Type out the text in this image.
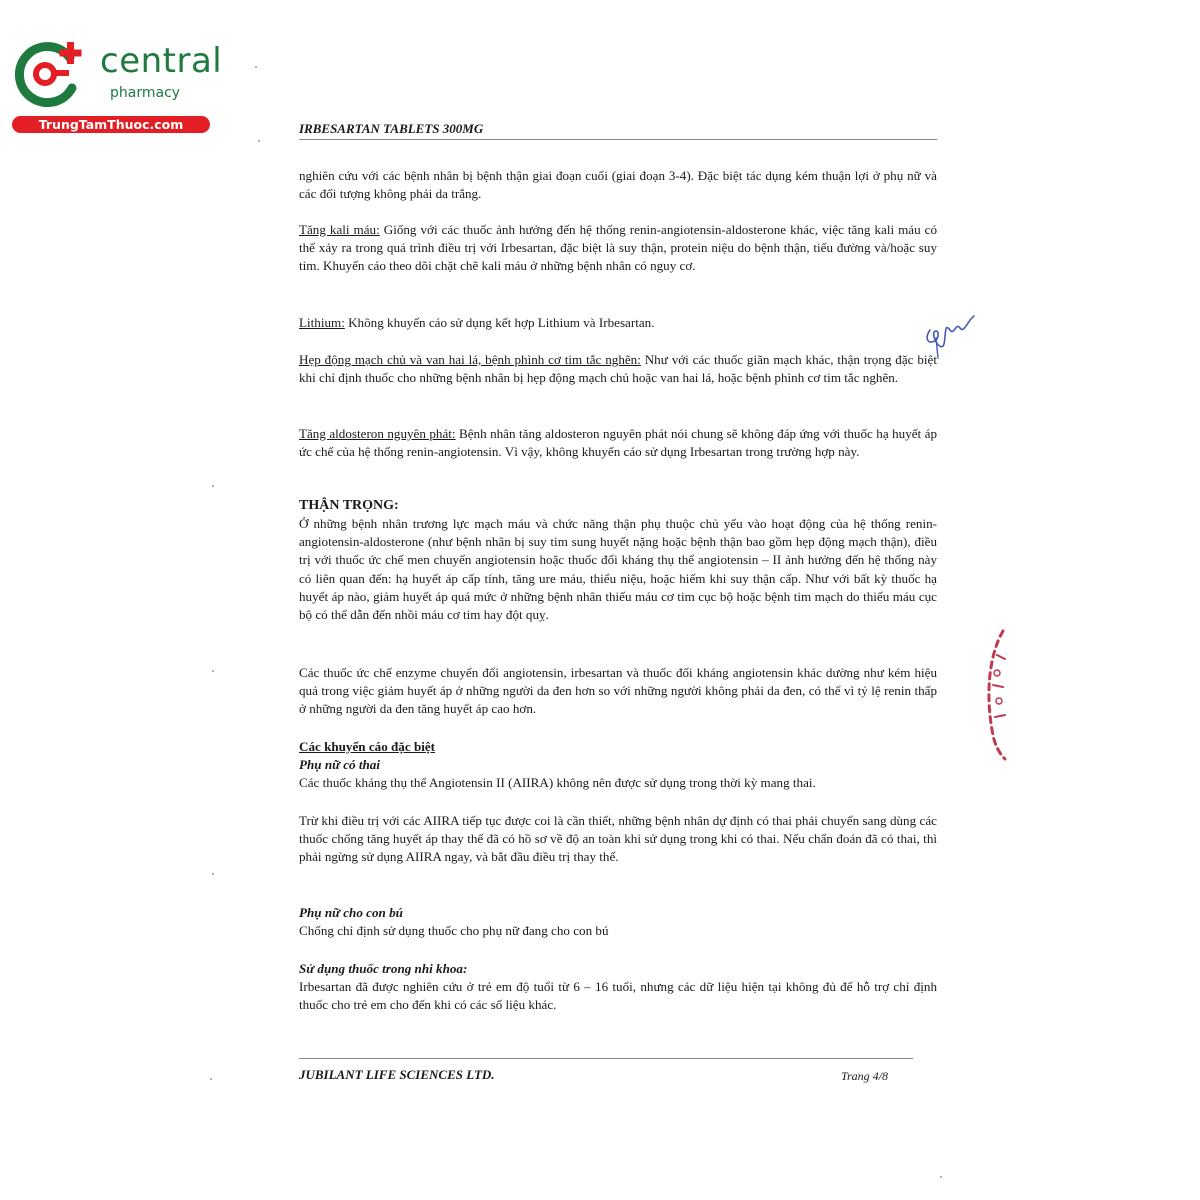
central
pharmacy
TrungTamThuoc.com	IRBESARTAN TABLETS 300MG

nghiên cứu với các bệnh nhân bị bệnh thận giai đoạn cuối (giai đoạn 3-4). Đặc biệt tác dụng kém thuận lợi ở phụ nữ và các đối tượng không phải da trắng.

Tăng kali máu: Giống với các thuốc ảnh hưởng đến hệ thống renin-angiotensin-aldosterone khác, việc tăng kali máu có thể xảy ra trong quá trình điều trị với Irbesartan, đặc biệt là suy thận, protein niệu do bệnh thận, tiểu đường và/hoặc suy tim. Khuyến cáo theo dõi chặt chẽ kali máu ở những bệnh nhân có nguy cơ.

Lithium: Không khuyến cáo sử dụng kết hợp Lithium và Irbesartan.

Hẹp động mạch chủ và van hai lá, bệnh phình cơ tim tắc nghẽn: Như với các thuốc giãn mạch khác, thận trọng đặc biệt khi chỉ định thuốc cho những bệnh nhân bị hẹp động mạch chủ hoặc van hai lá, hoặc bệnh phình cơ tim tắc nghẽn.

Tăng aldosteron nguyên phát: Bệnh nhân tăng aldosteron nguyên phát nói chung sẽ không đáp ứng với thuốc hạ huyết áp ức chế của hệ thống renin-angiotensin. Vì vậy, không khuyến cáo sử dụng Irbesartan trong trường hợp này.

THẬN TRỌNG:

Ở những bệnh nhân trương lực mạch máu và chức năng thận phụ thuộc chủ yếu vào hoạt động của hệ thống renin-angiotensin-aldosterone (như bệnh nhân bị suy tim sung huyết nặng hoặc bệnh thận bao gồm hẹp động mạch thận), điều trị với thuốc ức chế men chuyển angiotensin hoặc thuốc đối kháng thụ thể angiotensin – II ảnh hưởng đến hệ thống này có liên quan đến: hạ huyết áp cấp tính, tăng ure máu, thiểu niệu, hoặc hiếm khi suy thận cấp. Như với bất kỳ thuốc hạ huyết áp nào, giảm huyết áp quá mức ở những bệnh nhân thiếu máu cơ tim cục bộ hoặc bệnh tim mạch do thiếu máu cục bộ có thể dẫn đến nhồi máu cơ tim hay đột quỵ.

Các thuốc ức chế enzyme chuyển đổi angiotensin, irbesartan và thuốc đối kháng angiotensin khác dường như kém hiệu quả trong việc giảm huyết áp ở những người da đen hơn so với những người không phải da đen, có thể vì tỷ lệ renin thấp ở những người da đen tăng huyết áp cao hơn.

Các khuyến cáo đặc biệt

Phụ nữ có thai

Các thuốc kháng thụ thể Angiotensin II (AIIRA) không nên được sử dụng trong thời kỳ mang thai.

Trừ khi điều trị với các AIIRA tiếp tục được coi là cần thiết, những bệnh nhân dự định có thai phải chuyển sang dùng các thuốc chống tăng huyết áp thay thế đã có hồ sơ về độ an toàn khi sử dụng trong khi có thai. Nếu chẩn đoán đã có thai, thì phải ngừng sử dụng AIIRA ngay, và bắt đầu điều trị thay thế.

Phụ nữ cho con bú

Chống chỉ định sử dụng thuốc cho phụ nữ đang cho con bú

Sử dụng thuốc trong nhi khoa:

Irbesartan đã được nghiên cứu ở trẻ em độ tuổi từ 6 – 16 tuổi, nhưng các dữ liệu hiện tại không đủ để hỗ trợ chỉ định thuốc cho trẻ em cho đến khi có các số liệu khác.

JUBILANT LIFE SCIENCES LTD.	Trang 4/8
